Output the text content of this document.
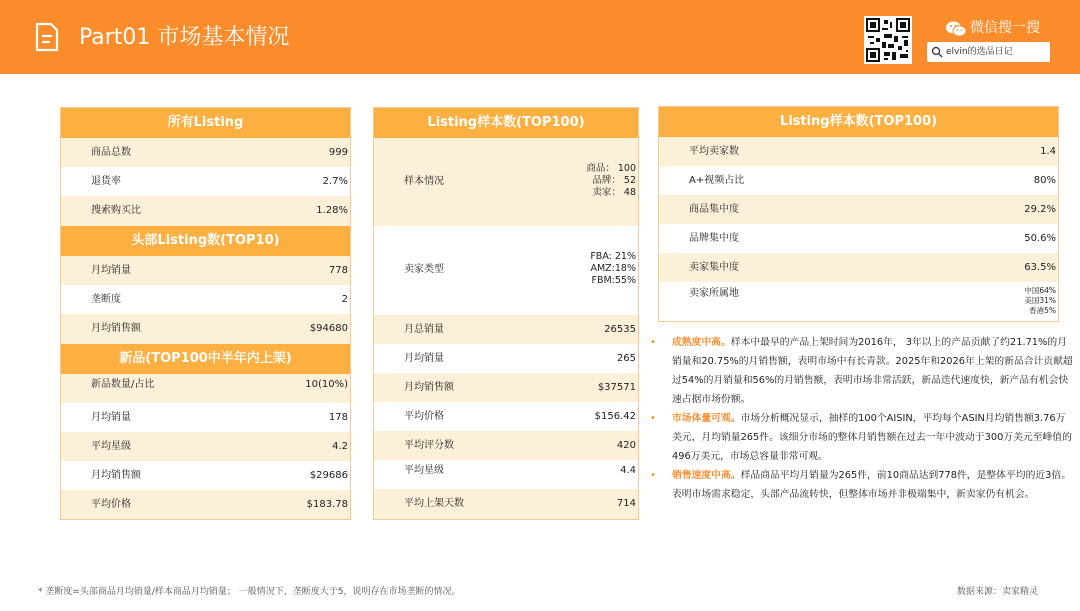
Part01 市场基本情况	微信搜一搜
elvin的选品日记
所有Listing
商品总数	999
退货率	2.7%
搜索购买比	1.28%
头部Listing数(TOP10)
月均销量	778
垄断度	2
月均销售额	$94680
新品(TOP100中半年内上架)
新品数量/占比	10(10%)
月均销量	178
平均星级	4.2
月均销售额	$29686
平均价格	$183.78
Listing样本数(TOP100)
样本情况
商品： 100
品牌： 52
卖家： 48
卖家类型
FBA: 21%
AMZ:18%
FBM:55%
月总销量	26535
月均销量	265
月均销售额	$37571
平均价格	$156.42
平均评分数	420
平均星级	4.4
平均上架天数	714
Listing样本数(TOP100)
平均卖家数	1.4
A+视频占比	80%
商品集中度	29.2%
品牌集中度	50.6%
卖家集中度	63.5%
卖家所属地	中国64%
美国31%
香港5%

• 成熟度中高。样本中最早的产品上架时间为2016年， 3年以上的产品贡献了约21.71%的月销量和20.75%的月销售额，表明市场中有长青款。2025年和2026年上架的新品合计贡献超过54%的月销量和56%的月销售额，表明市场非常活跃，新品迭代速度快，新产品有机会快速占据市场份额。

• 市场体量可观。市场分析概况显示，抽样的100个AISIN，平均每个ASIN月均销售额3.76万美元，月均销量265件。该细分市场的整体月销售额在过去一年中波动于300万美元至峰值的496万美元，市场总容量非常可观。

• 销售速度中高。样品商品平均月销量为265件，前10商品达到778件，是整体平均的近3倍。表明市场需求稳定，头部产品流转快，但整体市场并非极端集中，新卖家仍有机会。

* 垄断度=头部商品月均销量/样本商品月均销量； 一般情况下，垄断度大于5，说明存在市场垄断的情况。	数据来源：卖家精灵
